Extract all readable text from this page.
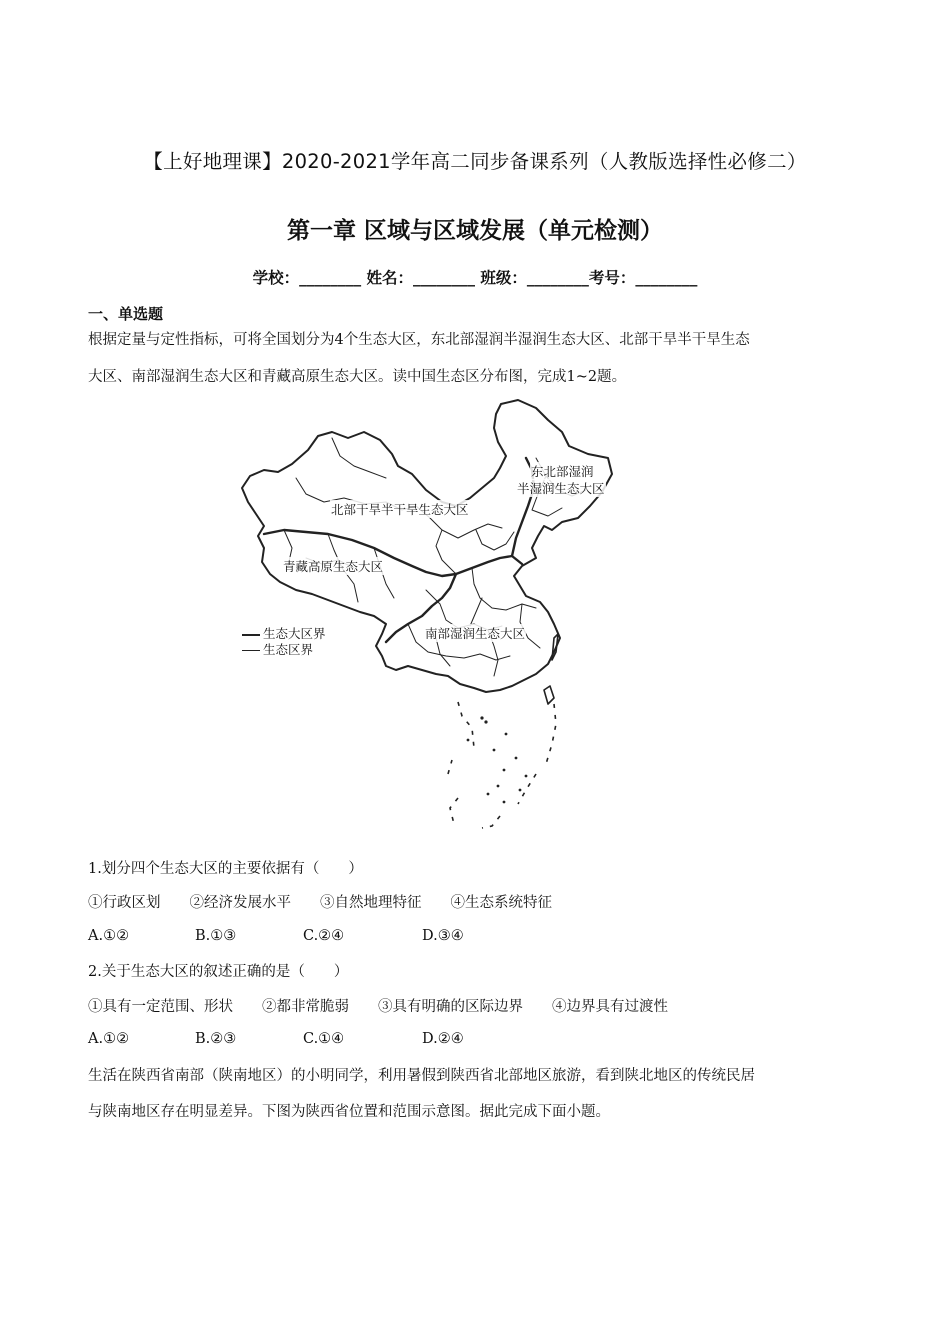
【上好地理课】2020-2021学年高二同步备课系列（人教版选择性必修二）
第一章 区域与区域发展（单元检测）
学校：________ 姓名：________ 班级：________考号：________
一、单选题
根据定量与定性指标，可将全国划分为4个生态大区，东北部湿润半湿润生态大区、北部干旱半干旱生态
大区、南部湿润生态大区和青藏高原生态大区。读中国生态区分布图，完成1~2题。
东北部湿润
半湿润生态大区
北部干旱半干旱生态大区
青藏高原生态大区
南部湿润生态大区
生态大区界
生态区界
1.划分四个生态大区的主要依据有（　　）
①行政区划　　②经济发展水平　　③自然地理特征　　④生态系统特征
A.①②	B.①③	C.②④	D.③④
2.关于生态大区的叙述正确的是（　　）
①具有一定范围、形状　　②都非常脆弱　　③具有明确的区际边界　　④边界具有过渡性
A.①②	B.②③	C.①④	D.②④
生活在陕西省南部（陕南地区）的小明同学，利用暑假到陕西省北部地区旅游，看到陕北地区的传统民居
与陕南地区存在明显差异。下图为陕西省位置和范围示意图。据此完成下面小题。
